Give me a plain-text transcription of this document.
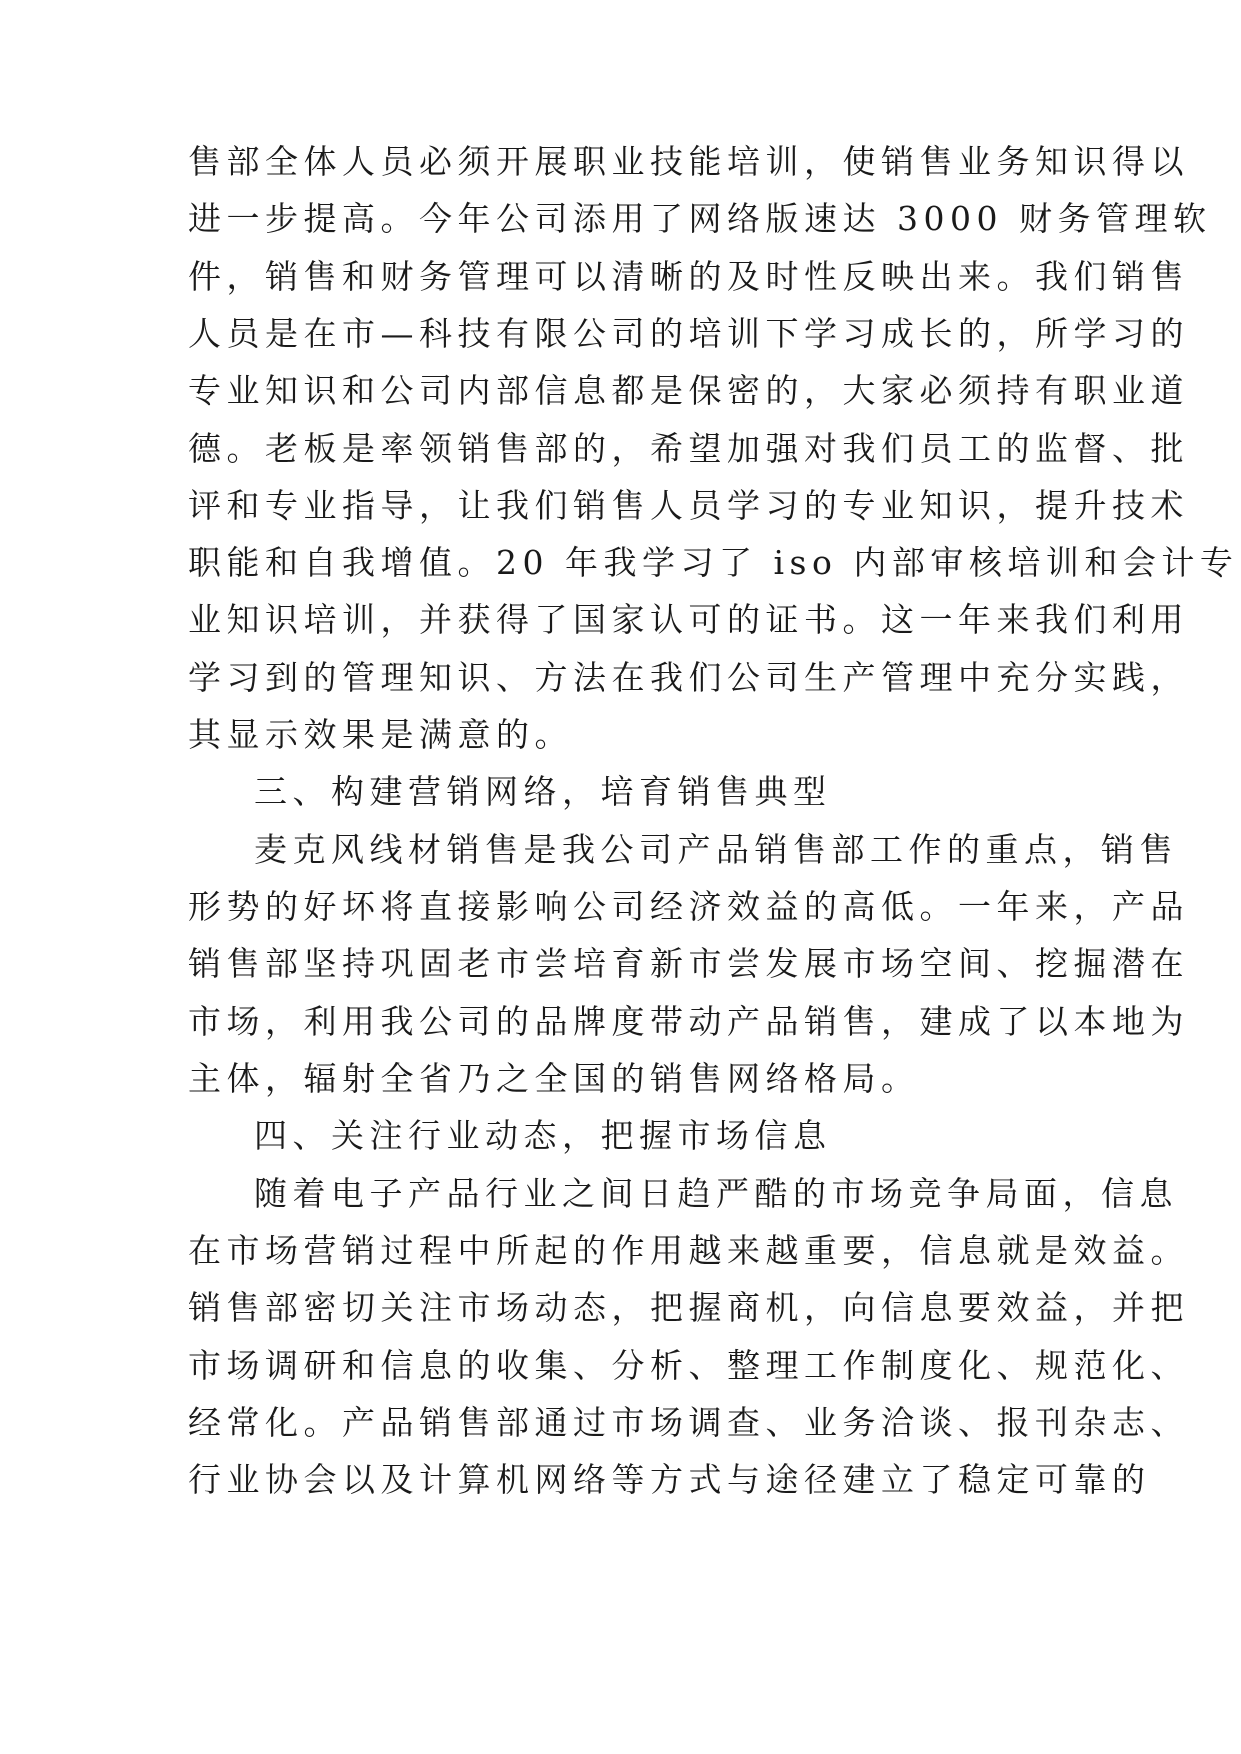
售部全体人员必须开展职业技能培训，使销售业务知识得以
进一步提高。今年公司添用了网络版速达 3000 财务管理软
件，销售和财务管理可以清晰的及时性反映出来。我们销售
人员是在市—科技有限公司的培训下学习成长的，所学习的
专业知识和公司内部信息都是保密的，大家必须持有职业道
德。老板是率领销售部的，希望加强对我们员工的监督、批
评和专业指导，让我们销售人员学习的专业知识，提升技术
职能和自我增值。20 年我学习了 iso 内部审核培训和会计专
业知识培训，并获得了国家认可的证书。这一年来我们利用
学习到的管理知识、方法在我们公司生产管理中充分实践，
其显示效果是满意的。
三、构建营销网络，培育销售典型
麦克风线材销售是我公司产品销售部工作的重点，销售
形势的好坏将直接影响公司经济效益的高低。一年来，产品
销售部坚持巩固老市尝培育新市尝发展市场空间、挖掘潜在
市场，利用我公司的品牌度带动产品销售，建成了以本地为
主体，辐射全省乃之全国的销售网络格局。
四、关注行业动态，把握市场信息
随着电子产品行业之间日趋严酷的市场竞争局面，信息
在市场营销过程中所起的作用越来越重要，信息就是效益。
销售部密切关注市场动态，把握商机，向信息要效益，并把
市场调研和信息的收集、分析、整理工作制度化、规范化、
经常化。产品销售部通过市场调查、业务洽谈、报刊杂志、
行业协会以及计算机网络等方式与途径建立了稳定可靠的
